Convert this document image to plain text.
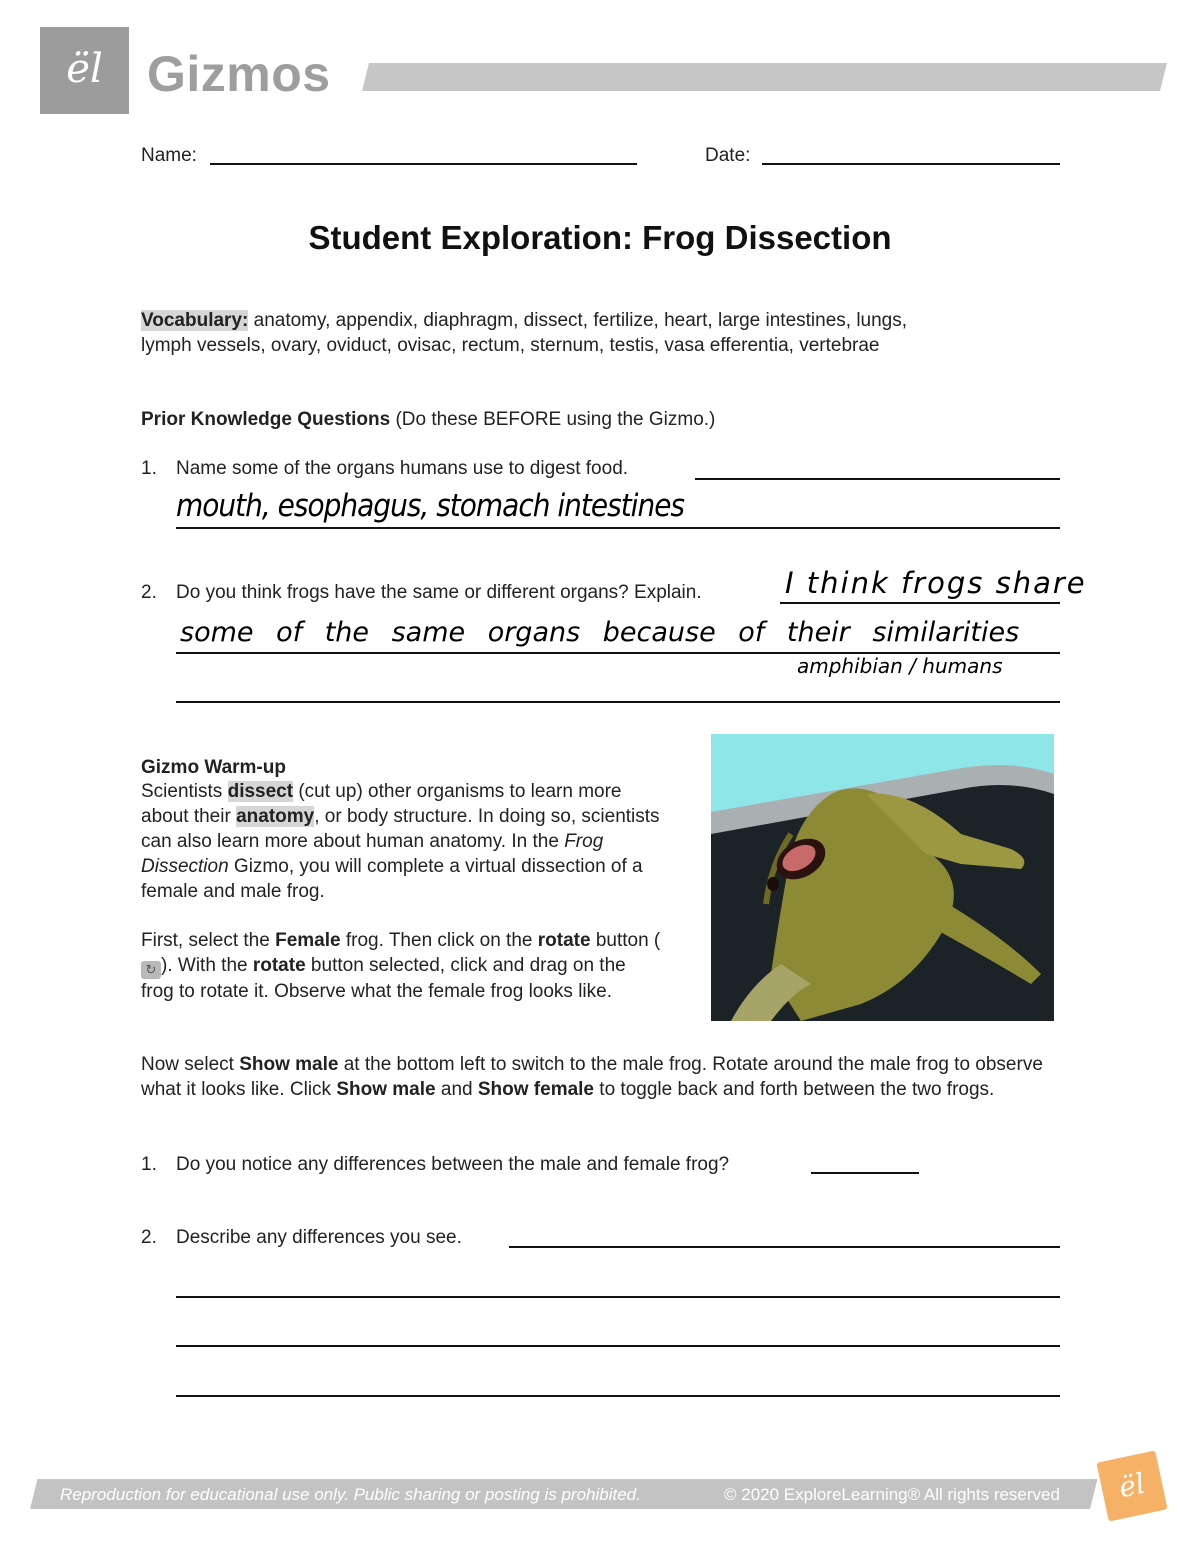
ël Gizmos
Name:	Date:
Student Exploration: Frog Dissection
Vocabulary: anatomy, appendix, diaphragm, dissect, fertilize, heart, large intestines, lungs,
lymph vessels, ovary, oviduct, ovisac, rectum, sternum, testis, vasa efferentia, vertebrae
Prior Knowledge Questions (Do these BEFORE using the Gizmo.)
1. Name some of the organs humans use to digest food.
mouth, esophagus, stomach intestines
2. Do you think frogs have the same or different organs? Explain.	I think frogs share
some of the same organs because of their similarities
amphibian / humans
Gizmo Warm-up
Scientists dissect (cut up) other organisms to learn more about their anatomy, or body structure. In doing so, scientists can also learn more about human anatomy. In the Frog Dissection Gizmo, you will complete a virtual dissection of a female and male frog.
First, select the Female frog. Then click on the rotate button (↻ ). With the rotate button selected, click and drag on the frog to rotate it. Observe what the female frog looks like.
Now select Show male at the bottom left to switch to the male frog. Rotate around the male frog to observe what it looks like. Click Show male and Show female to toggle back and forth between the two frogs.
1. Do you notice any differences between the male and female frog?
2. Describe any differences you see.
Reproduction for educational use only. Public sharing or posting is prohibited.	© 2020 ExploreLearning® All rights reserved	ël
